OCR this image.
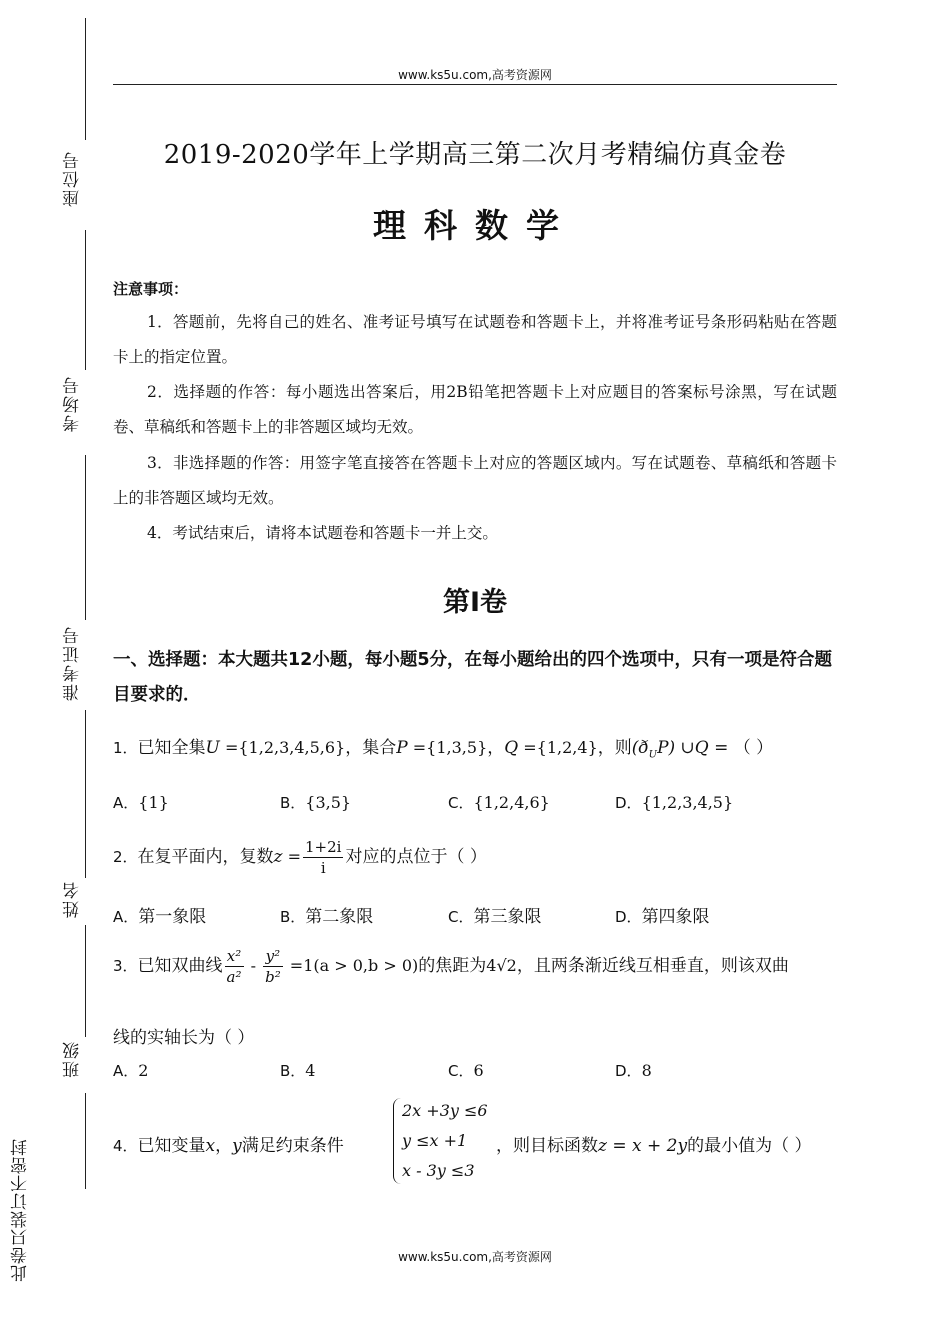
座位号
考场号
准考证号
姓名
班级
此卷只装订不密封
www.ks5u.com,高考资源网
2019-2020学年上学期高三第二次月考精编仿真金卷
理科数学
注意事项：
1．答题前，先将自己的姓名、准考证号填写在试题卷和答题卡上，并将准考证号条形码粘贴在答题卡上的指定位置。
2．选择题的作答：每小题选出答案后，用2B铅笔把答题卡上对应题目的答案标号涂黑，写在试题卷、草稿纸和答题卡上的非答题区域均无效。
3．非选择题的作答：用签字笔直接答在答题卡上对应的答题区域内。写在试题卷、草稿纸和答题卡上的非答题区域均无效。
4．考试结束后，请将本试题卷和答题卡一并上交。
第Ⅰ卷
一、选择题：本大题共12小题，每小题5分，在每小题给出的四个选项中，只有一项是符合题目要求的．
1．已知全集U ={1,2,3,4,5,6}，集合P ={1,3,5}，Q ={1,2,4}，则$(ð_UP)$ ∪Q = （ ）
A．{1}	B．{3,5}	C．{1,2,4,6}	D．{1,2,3,4,5}
2．在复平面内，复数$z = \frac{1+2i}{i}$ 对应的点位于（ ）
A．第一象限	B．第二象限	C．第三象限	D．第四象限
3．已知双曲线 $\frac{\text{x²}}{\text{a²}} - \frac{\text{y²}}{\text{b²}} =1(a > 0,b > 0)$的焦距为4√2，且两条渐近线互相垂直，则该双曲
线的实轴长为（ ）
A．2	B．4	C．6	D．8
4．已知变量x，y满足约束条件
2x +3y ≤6
y ≤x +1
x - 3y ≤3
，则目标函数z = x + 2y的最小值为（ ）
www.ks5u.com,高考资源网
